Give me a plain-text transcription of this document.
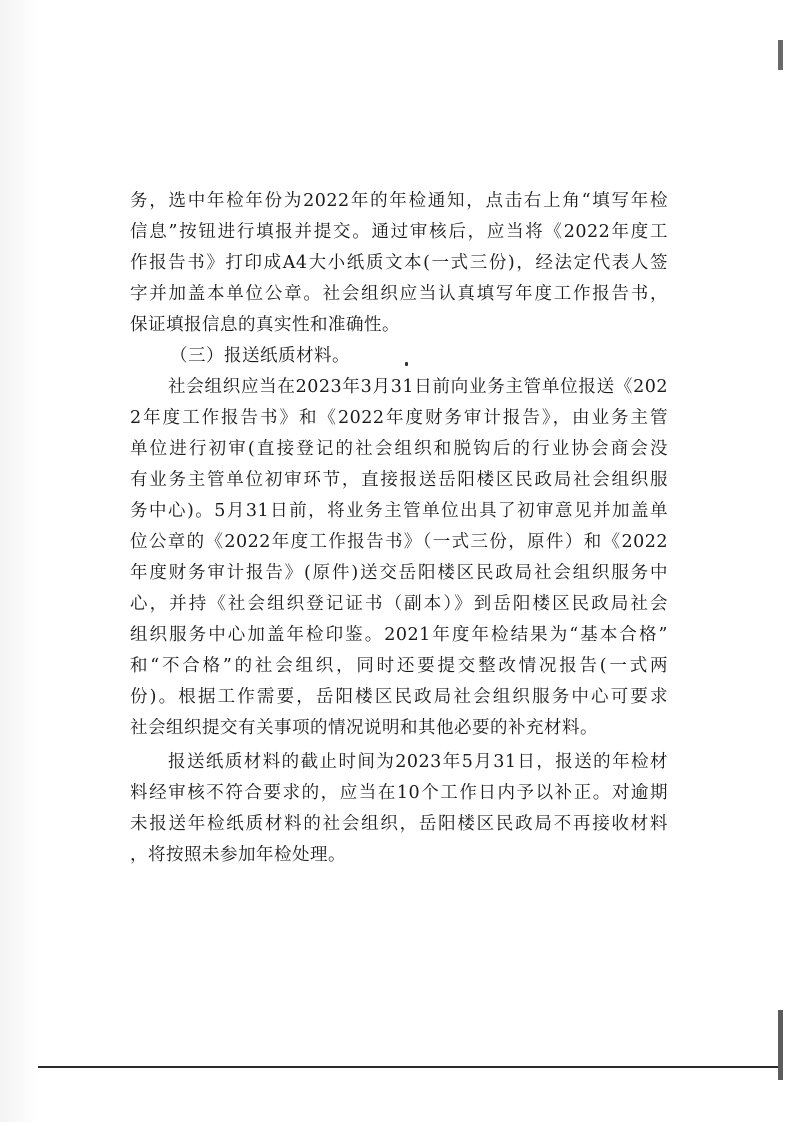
务，选中年检年份为2022年的年检通知，点击右上角“填写年检
信息”按钮进行填报并提交。通过审核后，应当将《2022年度工
作报告书》打印成A4大小纸质文本(一式三份)，经法定代表人签
字并加盖本单位公章。社会组织应当认真填写年度工作报告书，
保证填报信息的真实性和准确性。
（三）报送纸质材料。
社会组织应当在2023年3月31日前向业务主管单位报送《202
2年度工作报告书》和《2022年度财务审计报告》，由业务主管
单位进行初审(直接登记的社会组织和脱钩后的行业协会商会没
有业务主管单位初审环节，直接报送岳阳楼区民政局社会组织服
务中心)。5月31日前，将业务主管单位出具了初审意见并加盖单
位公章的《2022年度工作报告书》（一式三份，原件）和《2022
年度财务审计报告》(原件)送交岳阳楼区民政局社会组织服务中
心，并持《社会组织登记证书（副本）》到岳阳楼区民政局社会
组织服务中心加盖年检印鉴。2021年度年检结果为“基本合格”
和“不合格”的社会组织，同时还要提交整改情况报告(一式两
份)。根据工作需要，岳阳楼区民政局社会组织服务中心可要求
社会组织提交有关事项的情况说明和其他必要的补充材料。
报送纸质材料的截止时间为2023年5月31日，报送的年检材
料经审核不符合要求的，应当在10个工作日内予以补正。对逾期
未报送年检纸质材料的社会组织，岳阳楼区民政局不再接收材料
，将按照未参加年检处理。
